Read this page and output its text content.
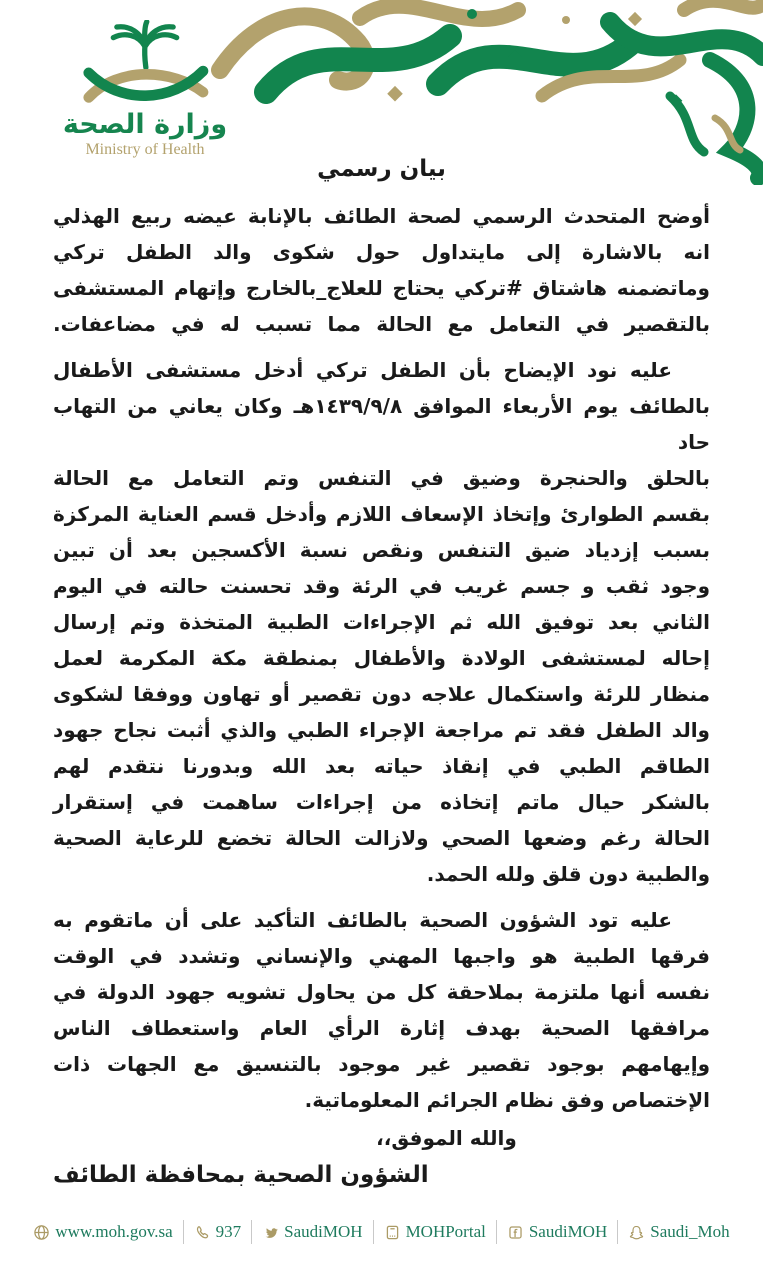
وزارة الصحة
Ministry of Health
بيان رسمي
أوضح المتحدث الرسمي لصحة الطائف بالإنابة عيضه ربيع الهذلي
انه بالاشارة إلى مايتداول حول شكوى والد الطفل تركي
وماتضمنه هاشتاق #تركي يحتاج للعلاج_بالخارج وإتهام المستشفى
بالتقصير في التعامل مع الحالة مما تسبب له في مضاعفات.
عليه نود الإيضاح بأن الطفل تركي أدخل مستشفى الأطفال
بالطائف يوم الأربعاء الموافق ١٤٣٩/٩/٨هـ وكان يعاني من التهاب حاد
بالحلق والحنجرة وضيق في التنفس وتم التعامل مع الحالة
بقسم الطوارئ وإتخاذ الإسعاف اللازم وأدخل قسم العناية المركزة
بسبب إزدياد ضيق التنفس ونقص نسبة الأكسجين بعد أن تبين
وجود ثقب و جسم غريب في الرئة وقد تحسنت حالته في اليوم
الثاني بعد توفيق الله ثم الإجراءات الطبية المتخذة وتم إرسال
إحاله لمستشفى الولادة والأطفال بمنطقة مكة المكرمة لعمل
منظار للرئة واستكمال علاجه دون تقصير أو تهاون ووفقا لشكوى
والد الطفل فقد تم مراجعة الإجراء الطبي والذي أثبت نجاح جهود
الطاقم الطبي في إنقاذ حياته بعد الله وبدورنا نتقدم لهم
بالشكر حيال ماتم إتخاذه من إجراءات ساهمت في إستقرار
الحالة رغم وضعها الصحي ولازالت الحالة تخضع للرعاية الصحية
والطبية دون قلق ولله الحمد.
عليه تود الشؤون الصحية بالطائف التأكيد على أن ماتقوم به
فرقها الطبية هو واجبها المهني والإنساني وتشدد في الوقت
نفسه أنها ملتزمة بملاحقة كل من يحاول تشويه جهود الدولة في
مرافقها الصحية بهدف إثارة الرأي العام واستعطاف الناس
وإيهامهم بوجود تقصير غير موجود بالتنسيق مع الجهات ذات
الإختصاص وفق نظام الجرائم المعلوماتية.
والله الموفق،،
الشؤون الصحية بمحافظة الطائف
www.moh.gov.sa	937	SaudiMOH	MOHPortal	SaudiMOH	Saudi_Moh
